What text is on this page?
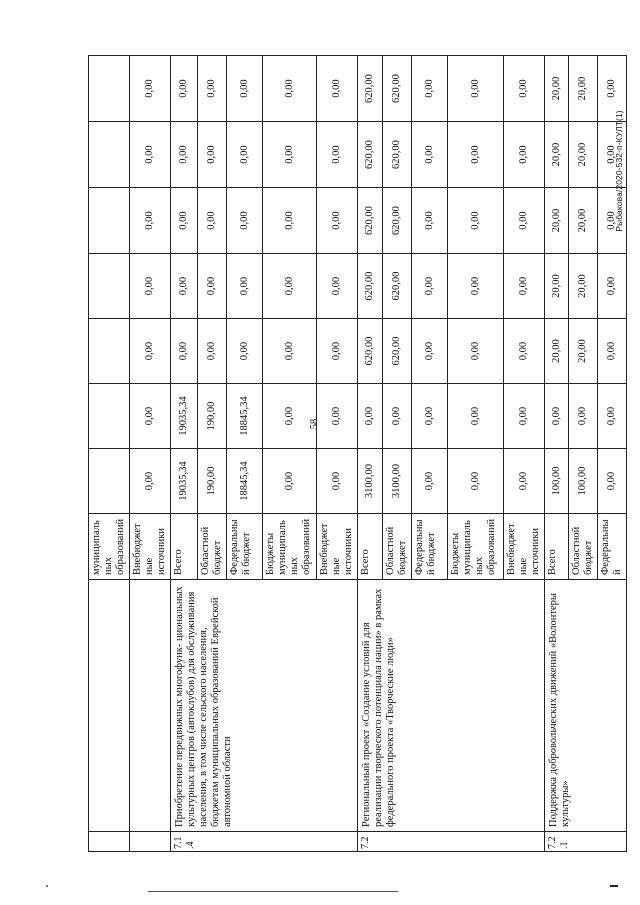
58
Рыбакова/2020-532-п-КУЛТ(1)
		муниципальных образований							
		Внебюджетные источники	0,00	0,00	0,00	0,00	0,00	0,00	0,00

7.1 .4	Приобретение передвижных многофунк- циональных культурных центров (автоклубов) для обслуживания населения, в том числе сельского населения, бюджетам муниципальных образований Еврейской автономной области	Всего	19035,34	19035,34	0,00	0,00	0,00	0,00	0,00
		Областной бюджет	190,00	190,00	0,00	0,00	0,00	0,00	0,00
		Федеральный бюджет	18845,34	18845,34	0,00	0,00	0,00	0,00	0,00
		Бюджеты муниципальных образований	0,00	0,00	0,00	0,00	0,00	0,00	0,00
		Внебюджетные источники	0,00	0,00	0,00	0,00	0,00	0,00	0,00

7.2	Региональный проект «Создание условий для реализации творческого потенциала нации» в рамках федерального проекта «Творческие люди»	Всего	3100,00	0,00	620,00	620,00	620,00	620,00	620,00
		Областной бюджет	3100,00	0,00	620,00	620,00	620,00	620,00	620,00
		Федеральный бюджет	0,00	0,00	0,00	0,00	0,00	0,00	0,00
		Бюджеты муниципальных образований	0,00	0,00	0,00	0,00	0,00	0,00	0,00
		Внебюджетные источники	0,00	0,00	0,00	0,00	0,00	0,00	0,00

7.2 .1	Поддержка добровольческих движений «Волонтеры культуры»	Всего	100,00	0,00	20,00	20,00	20,00	20,00	20,00
		Областной бюджет	100,00	0,00	20,00	20,00	20,00	20,00	20,00
		Федеральный	0,00	0,00	0,00	0,00	0,00	0,00	0,00
